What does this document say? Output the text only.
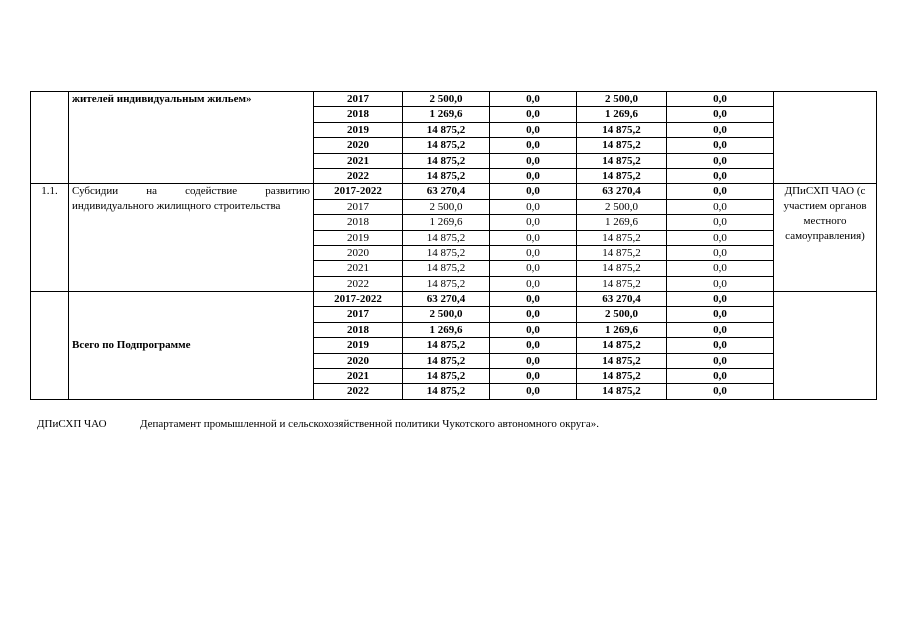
	жителей индивидуальным жильем»	2017	2 500,0	0,0	2 500,0	0,0	
		2018	1 269,6	0,0	1 269,6	0,0	
		2019	14 875,2	0,0	14 875,2	0,0	
		2020	14 875,2	0,0	14 875,2	0,0	
		2021	14 875,2	0,0	14 875,2	0,0	
		2022	14 875,2	0,0	14 875,2	0,0	
1.1.	Субсидии на содействие развитию индивидуального жилищного строительства	2017-2022	63 270,4	0,0	63 270,4	0,0	ДПиСХП ЧАО (с участием органов местного самоуправления)
		2017	2 500,0	0,0	2 500,0	0,0	
		2018	1 269,6	0,0	1 269,6	0,0	
		2019	14 875,2	0,0	14 875,2	0,0	
		2020	14 875,2	0,0	14 875,2	0,0	
		2021	14 875,2	0,0	14 875,2	0,0	
		2022	14 875,2	0,0	14 875,2	0,0	
	Всего по Подпрограмме	2017-2022	63 270,4	0,0	63 270,4	0,0	
		2017	2 500,0	0,0	2 500,0	0,0	
		2018	1 269,6	0,0	1 269,6	0,0	
		2019	14 875,2	0,0	14 875,2	0,0	
		2020	14 875,2	0,0	14 875,2	0,0	
		2021	14 875,2	0,0	14 875,2	0,0	
		2022	14 875,2	0,0	14 875,2	0,0	
ДПиСХП ЧАО	Департамент промышленной и сельскохозяйственной политики Чукотского автономного округа».
